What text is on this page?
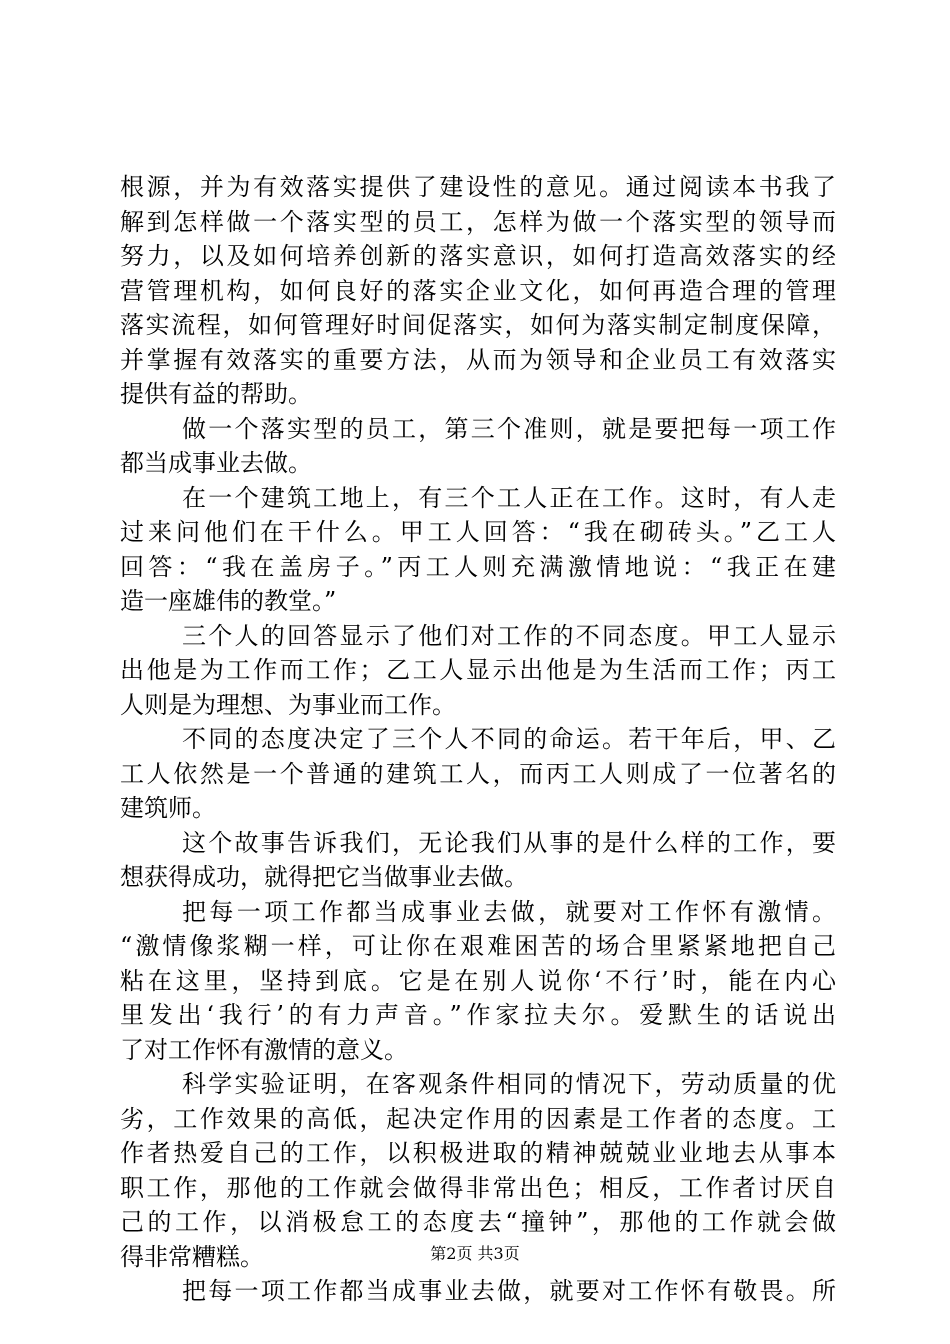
根源，并为有效落实提供了建设性的意见。通过阅读本书我了
解到怎样做一个落实型的员工，怎样为做一个落实型的领导而
努力，以及如何培养创新的落实意识，如何打造高效落实的经
营管理机构，如何良好的落实企业文化，如何再造合理的管理
落实流程，如何管理好时间促落实，如何为落实制定制度保障，
并掌握有效落实的重要方法，从而为领导和企业员工有效落实
提供有益的帮助。
做一个落实型的员工，第三个准则，就是要把每一项工作
都当成事业去做。
在一个建筑工地上，有三个工人正在工作。这时，有人走
过来问他们在干什么。甲工人回答：“我在砌砖头。”乙工人
回答：“我在盖房子。”丙工人则充满激情地说：“我正在建
造一座雄伟的教堂。”
三个人的回答显示了他们对工作的不同态度。甲工人显示
出他是为工作而工作；乙工人显示出他是为生活而工作；丙工
人则是为理想、为事业而工作。
不同的态度决定了三个人不同的命运。若干年后，甲、乙
工人依然是一个普通的建筑工人，而丙工人则成了一位著名的
建筑师。
这个故事告诉我们，无论我们从事的是什么样的工作，要
想获得成功，就得把它当做事业去做。
把每一项工作都当成事业去做，就要对工作怀有激情。
“激情像浆糊一样，可让你在艰难困苦的场合里紧紧地把自己
粘在这里，坚持到底。它是在别人说你‘不行’时，能在内心
里发出‘我行’的有力声音。”作家拉夫尔。爱默生的话说出
了对工作怀有激情的意义。
科学实验证明，在客观条件相同的情况下，劳动质量的优
劣，工作效果的高低，起决定作用的因素是工作者的态度。工
作者热爱自己的工作，以积极进取的精神兢兢业业地去从事本
职工作，那他的工作就会做得非常出色；相反，工作者讨厌自
己的工作，以消极怠工的态度去“撞钟”，那他的工作就会做
得非常糟糕。
把每一项工作都当成事业去做，就要对工作怀有敬畏。所
第2页 共3页
